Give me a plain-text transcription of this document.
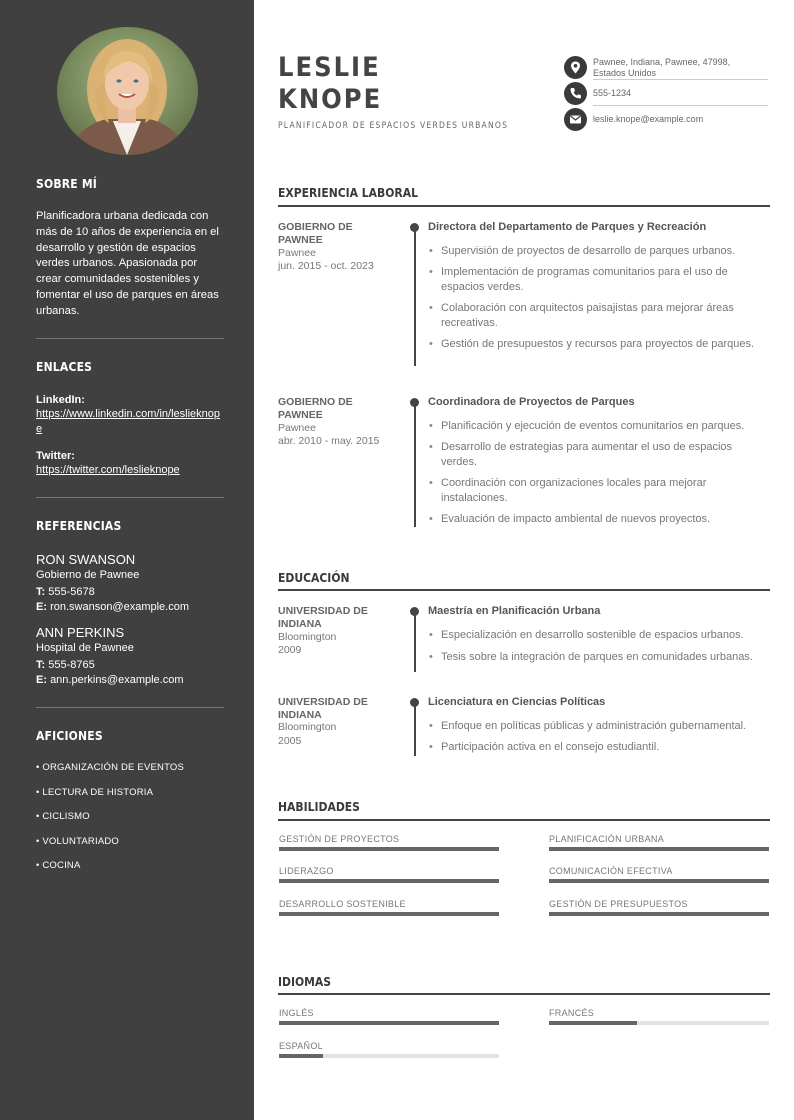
SOBRE MÍ
Planificadora urbana dedicada con más de 10 años de experiencia en el desarrollo y gestión de espacios verdes urbanos. Apasionada por crear comunidades sostenibles y fomentar el uso de parques en áreas urbanas.
ENLACES
LinkedIn:
https://www.linkedin.com/in/leslieknope
Twitter:
https://twitter.com/leslieknope
REFERENCIAS
RON SWANSON
Gobierno de Pawnee
T: 555-5678
E: ron.swanson@example.com
ANN PERKINS
Hospital de Pawnee
T: 555-8765
E: ann.perkins@example.com
AFICIONES
• ORGANIZACIÓN DE EVENTOS
• LECTURA DE HISTORIA
• CICLISMO
• VOLUNTARIADO
• COCINA
LESLIE
KNOPE
PLANIFICADOR DE ESPACIOS VERDES URBANOS
Pawnee, Indiana, Pawnee, 47998,
Estados Unidos
555-1234
leslie.knope@example.com
EXPERIENCIA LABORAL
GOBIERNO DE PAWNEE
Pawnee
jun. 2015 - oct. 2023
Directora del Departamento de Parques y Recreación
• Supervisión de proyectos de desarrollo de parques urbanos.
• Implementación de programas comunitarios para el uso de espacios verdes.
• Colaboración con arquitectos paisajistas para mejorar áreas recreativas.
• Gestión de presupuestos y recursos para proyectos de parques.
GOBIERNO DE PAWNEE
Pawnee
abr. 2010 - may. 2015
Coordinadora de Proyectos de Parques
• Planificación y ejecución de eventos comunitarios en parques.
• Desarrollo de estrategias para aumentar el uso de espacios verdes.
• Coordinación con organizaciones locales para mejorar instalaciones.
• Evaluación de impacto ambiental de nuevos proyectos.
EDUCACIÓN
UNIVERSIDAD DE INDIANA
Bloomington
2009
Maestría en Planificación Urbana
• Especialización en desarrollo sostenible de espacios urbanos.
• Tesis sobre la integración de parques en comunidades urbanas.
UNIVERSIDAD DE INDIANA
Bloomington
2005
Licenciatura en Ciencias Políticas
• Enfoque en políticas públicas y administración gubernamental.
• Participación activa en el consejo estudiantil.
HABILIDADES
GESTIÓN DE PROYECTOS	PLANIFICACIÓN URBANA
LIDERAZGO	COMUNICACIÓN EFECTIVA
DESARROLLO SOSTENIBLE	GESTIÓN DE PRESUPUESTOS
IDIOMAS
INGLÉS	FRANCÉS
ESPAÑOL
